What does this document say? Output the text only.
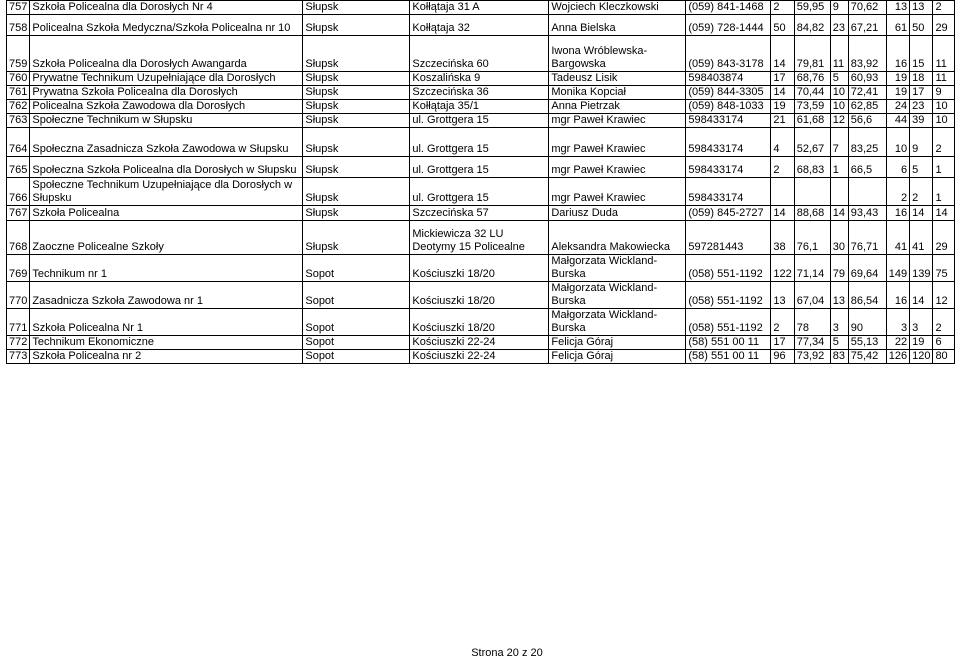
757	Szkoła Policealna dla Dorosłych Nr 4	Słupsk	Kołłątaja 31 A	Wojciech Kleczkowski	(059) 841-1468	2	59,95	9	70,62	13	13	2
758	Policealna Szkoła Medyczna/Szkoła Policealna nr 10	Słupsk	Kołłątaja 32	Anna Bielska	(059) 728-1444	50	84,82	23	67,21	61	50	29
759	Szkoła Policealna dla Dorosłych Awangarda	Słupsk	Szczecińska 60	Iwona Wróblewska-Bargowska	(059) 843-3178	14	79,81	11	83,92	16	15	11
760	Prywatne Technikum Uzupełniające dla Dorosłych	Słupsk	Koszalińska 9	Tadeusz Lisik	598403874	17	68,76	5	60,93	19	18	11
761	Prywatna Szkoła Policealna dla Dorosłych	Słupsk	Szczecińska 36	Monika Kopciał	(059) 844-3305	14	70,44	10	72,41	19	17	9
762	Policealna Szkoła Zawodowa dla Dorosłych	Słupsk	Kołłątaja 35/1	Anna Pietrzak	(059) 848-1033	19	73,59	10	62,85	24	23	10
763	Społeczne Technikum w Słupsku	Słupsk	ul. Grottgera 15	mgr Paweł Krawiec	598433174	21	61,68	12	56,6	44	39	10
764	Społeczna Zasadnicza Szkoła Zawodowa w Słupsku	Słupsk	ul. Grottgera 15	mgr Paweł Krawiec	598433174	4	52,67	7	83,25	10	9	2
765	Społeczna Szkoła Policealna dla Dorosłych w Słupsku	Słupsk	ul. Grottgera 15	mgr Paweł Krawiec	598433174	2	68,83	1	66,5	6	5	1
766	Społeczne Technikum Uzupełniające dla Dorosłych w Słupsku	Słupsk	ul. Grottgera 15	mgr Paweł Krawiec	598433174					2	2	1
767	Szkoła Policealna	Słupsk	Szczecińska 57	Dariusz Duda	(059) 845-2727	14	88,68	14	93,43	16	14	14
768	Zaoczne Policealne Szkoły	Słupsk	Mickiewicza 32 LU Deotymy 15 Policealne	Aleksandra Makowiecka	597281443	38	76,1	30	76,71	41	41	29
769	Technikum nr 1	Sopot	Kościuszki 18/20	Małgorzata Wickland-Burska	(058) 551-1192	122	71,14	79	69,64	149	139	75
770	Zasadnicza Szkoła Zawodowa nr 1	Sopot	Kościuszki 18/20	Małgorzata Wickland-Burska	(058) 551-1192	13	67,04	13	86,54	16	14	12
771	Szkoła Policealna Nr 1	Sopot	Kościuszki 18/20	Małgorzata Wickland-Burska	(058) 551-1192	2	78	3	90	3	3	2
772	Technikum Ekonomiczne	Sopot	Kościuszki 22-24	Felicja Góraj	(58) 551 00 11	17	77,34	5	55,13	22	19	6
773	Szkoła Policealna nr 2	Sopot	Kościuszki 22-24	Felicja Góraj	(58) 551 00 11	96	73,92	83	75,42	126	120	80
Strona 20 z 20
